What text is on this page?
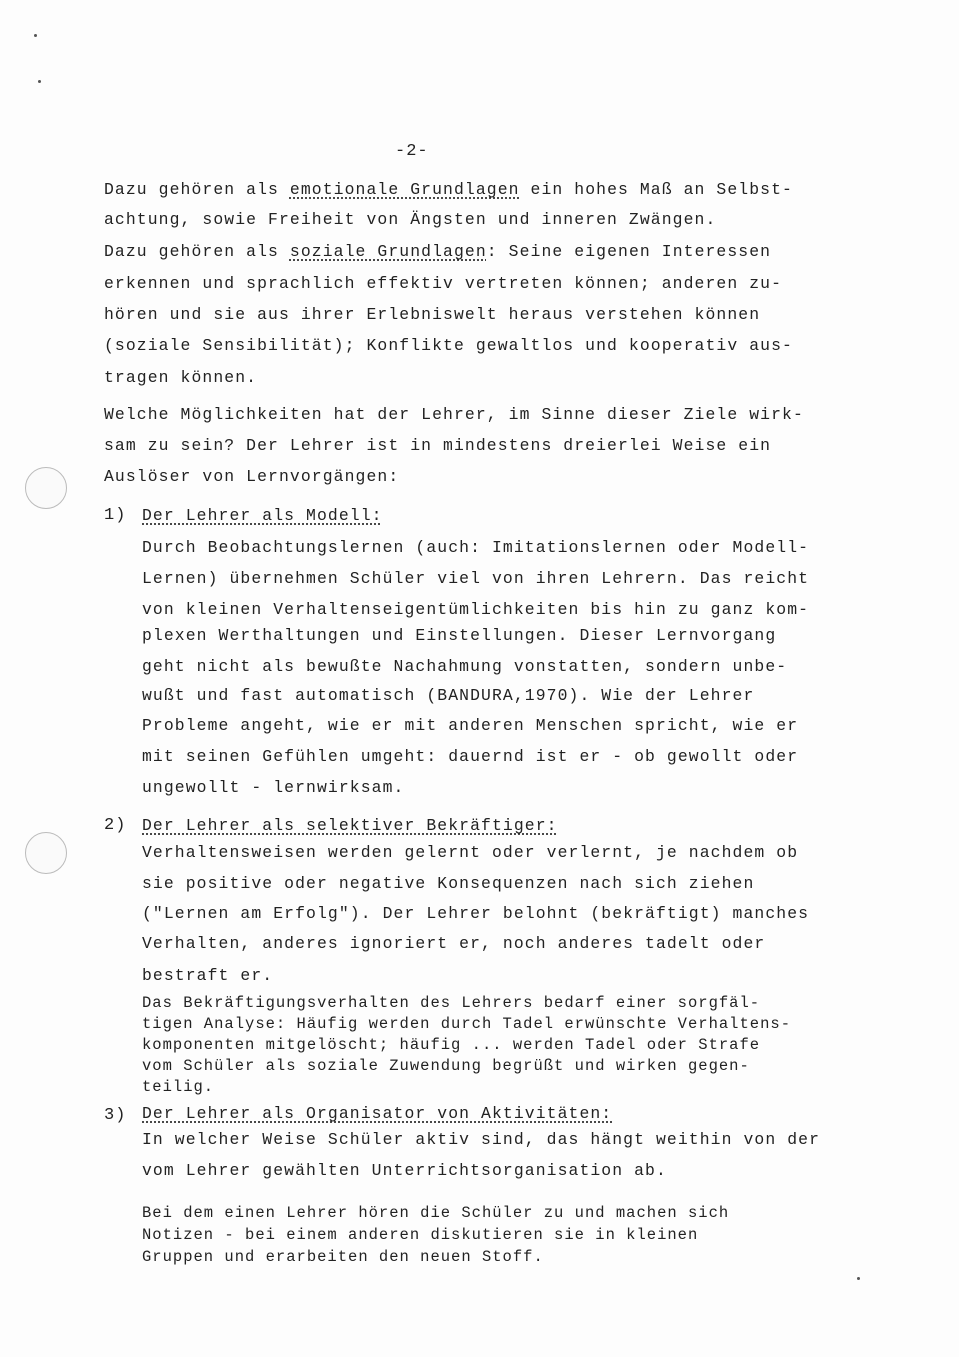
-2-
Dazu gehören als emotionale Grundlagen ein hohes Maß an Selbst-
achtung, sowie Freiheit von Ängsten und inneren Zwängen.
Dazu gehören als soziale Grundlagen: Seine eigenen Interessen
erkennen und sprachlich effektiv vertreten können; anderen zu-
hören und sie aus ihrer Erlebniswelt heraus verstehen können
(soziale Sensibilität); Konflikte gewaltlos und kooperativ aus-
tragen können.
Welche Möglichkeiten hat der Lehrer, im Sinne dieser Ziele wirk-
sam zu sein? Der Lehrer ist in mindestens dreierlei Weise ein
Auslöser von Lernvorgängen:
1) Der Lehrer als Modell:
Durch Beobachtungslernen (auch: Imitationslernen oder Modell-
Lernen) übernehmen Schüler viel von ihren Lehrern. Das reicht
von kleinen Verhaltenseigentümlichkeiten bis hin zu ganz kom-
plexen Werthaltungen und Einstellungen. Dieser Lernvorgang
geht nicht als bewußte Nachahmung vonstatten, sondern unbe-
wußt und fast automatisch (BANDURA,1970). Wie der Lehrer
Probleme angeht, wie er mit anderen Menschen spricht, wie er
mit seinen Gefühlen umgeht: dauernd ist er - ob gewollt oder
ungewollt - lernwirksam.
2) Der Lehrer als selektiver Bekräftiger:
Verhaltensweisen werden gelernt oder verlernt, je nachdem ob
sie positive oder negative Konsequenzen nach sich ziehen
("Lernen am Erfolg"). Der Lehrer belohnt (bekräftigt) manches
Verhalten, anderes ignoriert er, noch anderes tadelt oder
bestraft er.
Das Bekräftigungsverhalten des Lehrers bedarf einer sorgfäl-
tigen Analyse: Häufig werden durch Tadel erwünschte Verhaltens-
komponenten mitgelöscht; häufig ... werden Tadel oder Strafe
vom Schüler als soziale Zuwendung begrüßt und wirken gegen-
teilig.
3) Der Lehrer als Organisator von Aktivitäten:
In welcher Weise Schüler aktiv sind, das hängt weithin von der
vom Lehrer gewählten Unterrichtsorganisation ab.
Bei dem einen Lehrer hören die Schüler zu und machen sich
Notizen - bei einem anderen diskutieren sie in kleinen
Gruppen und erarbeiten den neuen Stoff.
